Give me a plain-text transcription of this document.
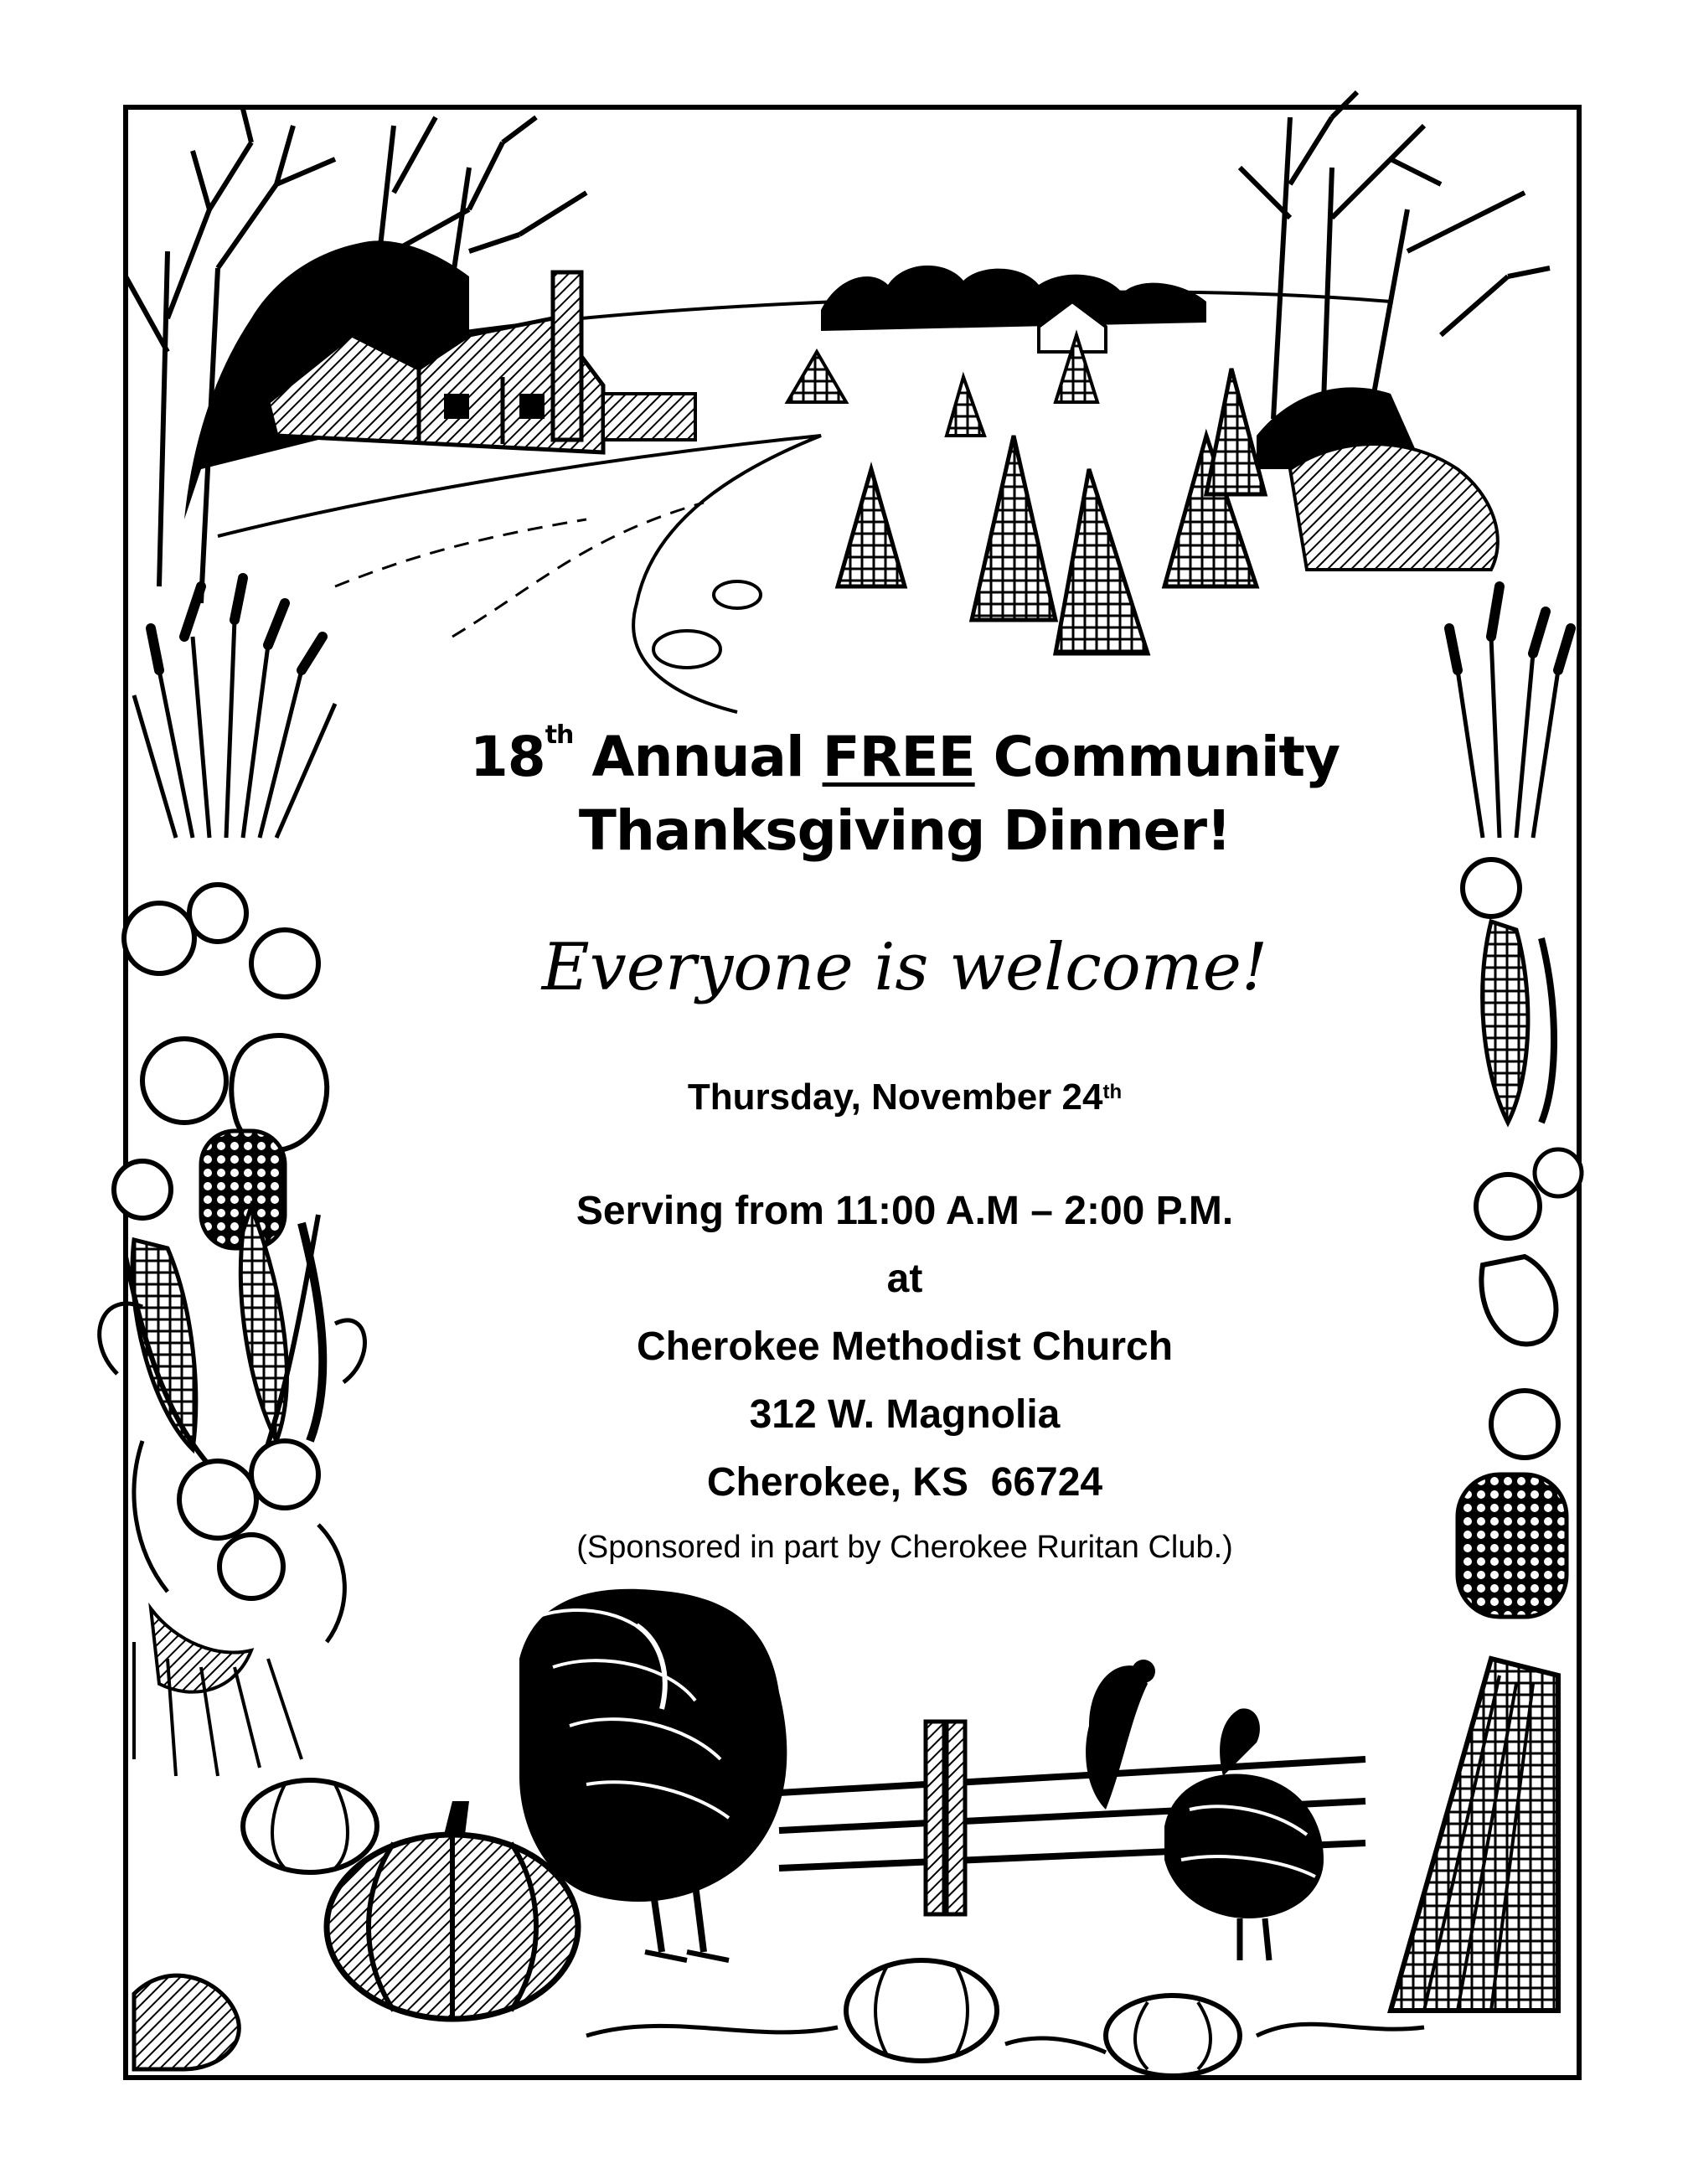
18th Annual FREE Community
Thanksgiving Dinner!
Everyone is welcome!
Thursday, November 24th
Serving from 11:00 A.M – 2:00 P.M.
at
Cherokee Methodist Church
312 W. Magnolia
Cherokee, KS  66724
(Sponsored in part by Cherokee Ruritan Club.)
